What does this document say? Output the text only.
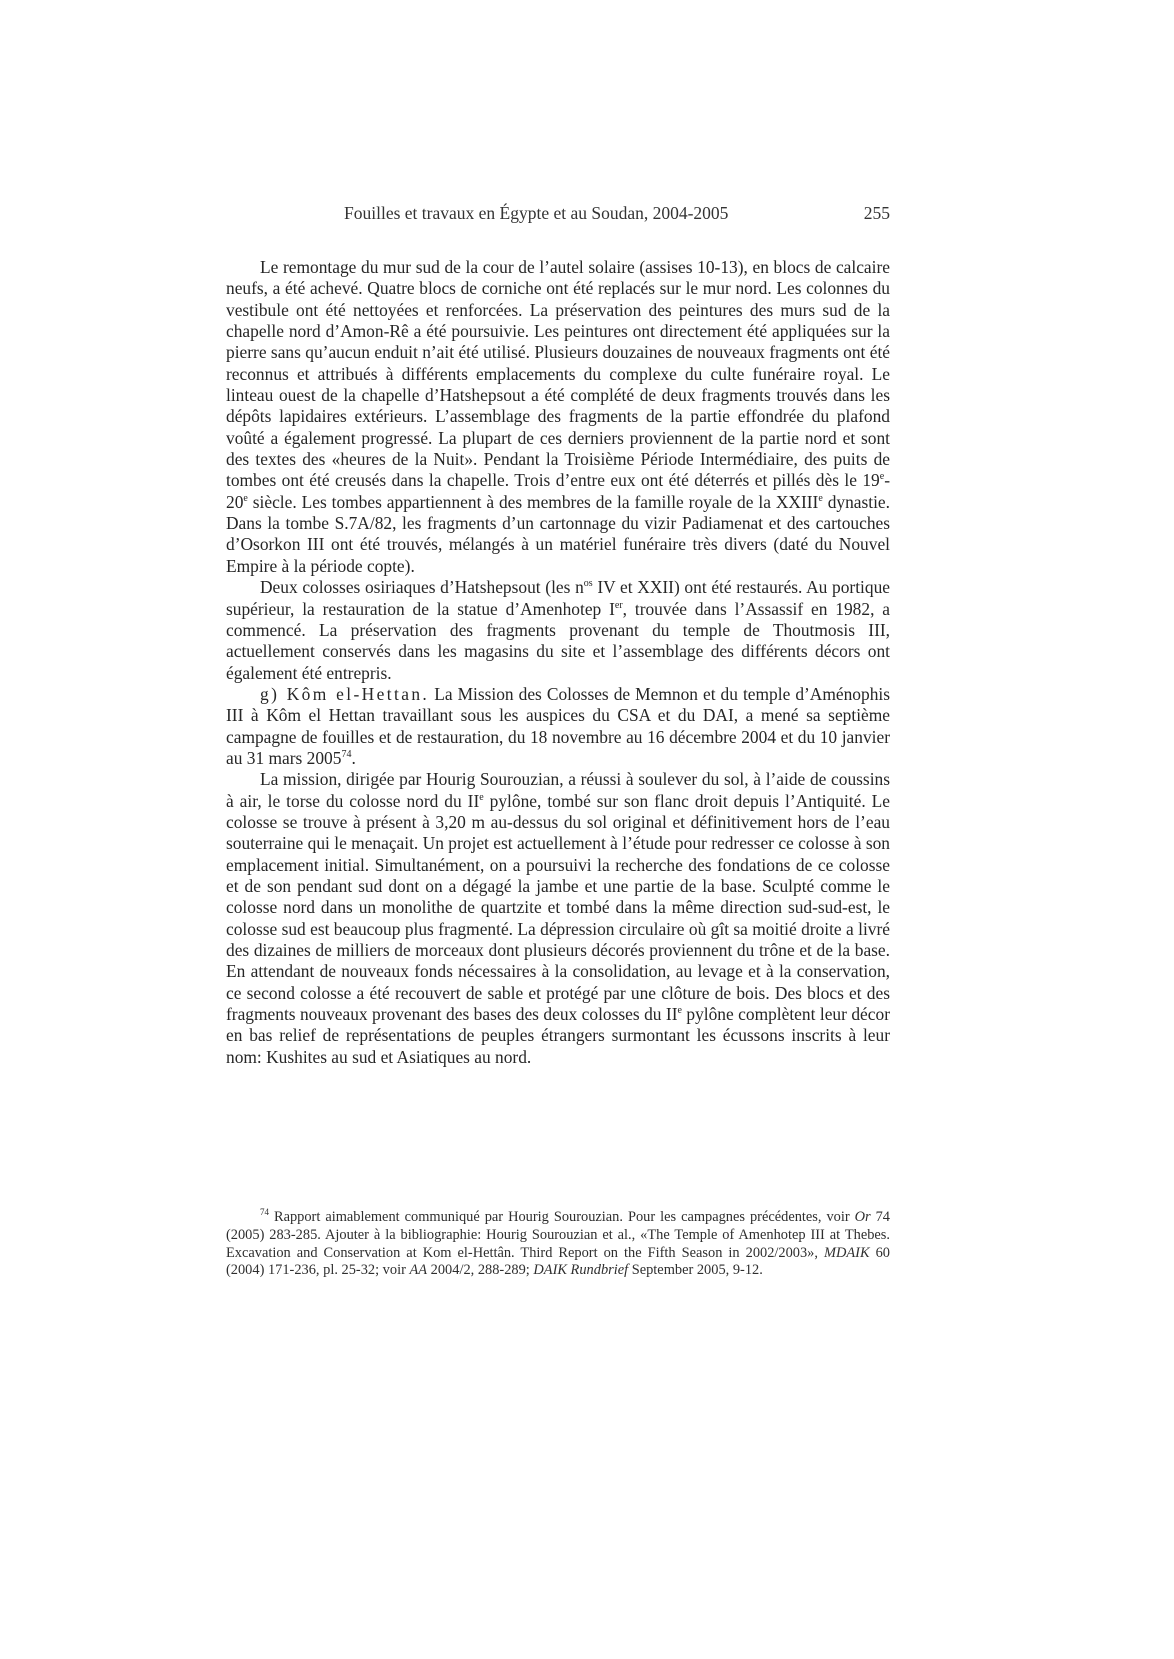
Fouilles et travaux en Égypte et au Soudan, 2004-2005	255

Le remontage du mur sud de la cour de l’autel solaire (assises 10-13), en blocs de calcaire neufs, a été achevé. Quatre blocs de corniche ont été replacés sur le mur nord. Les colonnes du vestibule ont été nettoyées et renforcées. La préservation des peintures des murs sud de la chapelle nord d’Amon-Rê a été poursuivie. Les peintures ont directement été appliquées sur la pierre sans qu’aucun enduit n’ait été utilisé. Plusieurs douzaines de nouveaux fragments ont été reconnus et attribués à différents emplacements du complexe du culte funéraire royal. Le linteau ouest de la chapelle d’Hatshepsout a été complété de deux fragments trouvés dans les dépôts lapidaires extérieurs. L’assemblage des fragments de la partie effondrée du plafond voûté a également progressé. La plupart de ces derniers proviennent de la partie nord et sont des textes des «heures de la Nuit». Pendant la Troisième Période Intermédiaire, des puits de tombes ont été creusés dans la chapelle. Trois d’entre eux ont été déterrés et pillés dès le 19e-20e siècle. Les tombes appartiennent à des membres de la famille royale de la XXIIIe dynastie. Dans la tombe S.7A/82, les fragments d’un cartonnage du vizir Padiamenat et des cartouches d’Osorkon III ont été trouvés, mélangés à un matériel funéraire très divers (daté du Nouvel Empire à la période copte).

Deux colosses osiriaques d’Hatshepsout (les $n^{os}$ IV et XXII) ont été restaurés. Au portique supérieur, la restauration de la statue d’Amenhotep Ier, trouvée dans l’Assassif en 1982, a commencé. La préservation des fragments provenant du temple de Thoutmosis III, actuellement conservés dans les magasins du site et l’assemblage des différents décors ont également été entrepris.

g) Kôm el-Hettan. La Mission des Colosses de Memnon et du temple d’Aménophis III à Kôm el Hettan travaillant sous les auspices du CSA et du DAI, a mené sa septième campagne de fouilles et de restauration, du 18 novembre au 16 décembre 2004 et du 10 janvier au 31 mars 2005$^{74}$.

La mission, dirigée par Hourig Sourouzian, a réussi à soulever du sol, à l’aide de coussins à air, le torse du colosse nord du IIe pylône, tombé sur son flanc droit depuis l’Antiquité. Le colosse se trouve à présent à 3,20 m au-dessus du sol original et définitivement hors de l’eau souterraine qui le menaçait. Un projet est actuellement à l’étude pour redresser ce colosse à son emplacement initial. Simultanément, on a poursuivi la recherche des fondations de ce colosse et de son pendant sud dont on a dégagé la jambe et une partie de la base. Sculpté comme le colosse nord dans un monolithe de quartzite et tombé dans la même direction sud-sud-est, le colosse sud est beaucoup plus fragmenté. La dépression circulaire où gît sa moitié droite a livré des dizaines de milliers de morceaux dont plusieurs décorés proviennent du trône et de la base. En attendant de nouveaux fonds nécessaires à la consolidation, au levage et à la conservation, ce second colosse a été recouvert de sable et protégé par une clôture de bois. Des blocs et des fragments nouveaux provenant des bases des deux colosses du IIe pylône complètent leur décor en bas relief de représentations de peuples étrangers surmontant les écussons inscrits à leur nom: Kushites au sud et Asiatiques au nord.

$^{74}$ Rapport aimablement communiqué par Hourig Sourouzian. Pour les campagnes précédentes, voir Or 74 (2005) 283-285. Ajouter à la bibliographie: Hourig Sourouzian et al., «The Temple of Amenhotep III at Thebes. Excavation and Conservation at Kom el-Hettân. Third Report on the Fifth Season in 2002/2003», MDAIK 60 (2004) 171-236, pl. 25-32; voir AA 2004/2, 288-289; DAIK Rundbrief September 2005, 9-12.
